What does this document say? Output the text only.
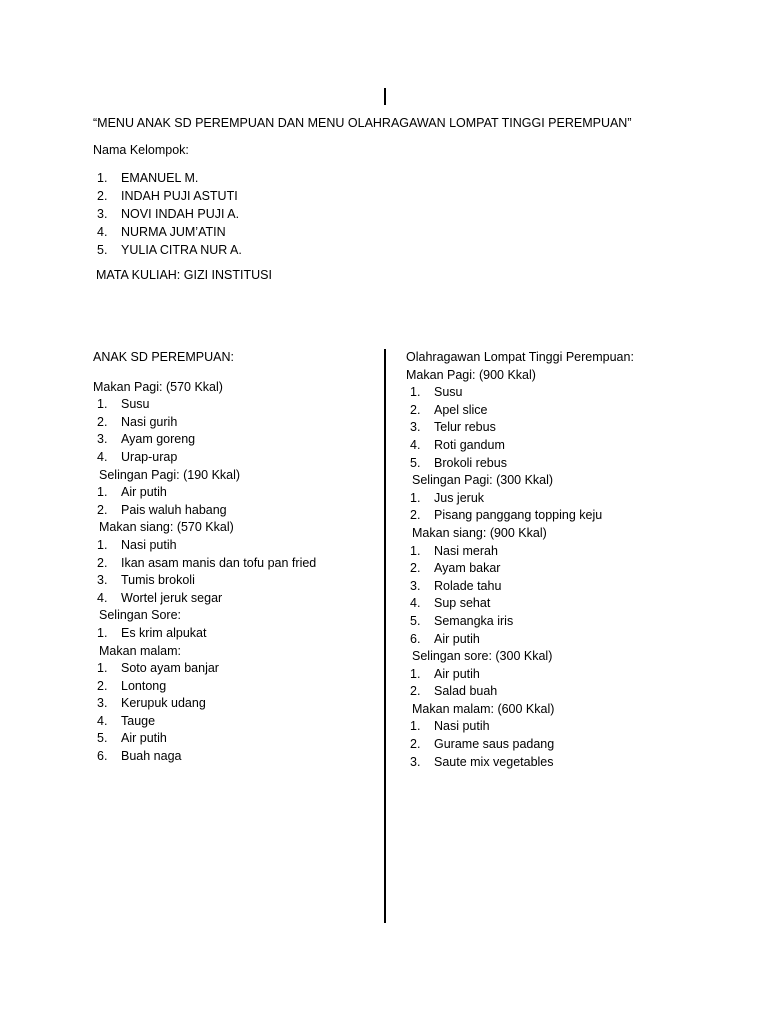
“MENU ANAK SD PEREMPUAN DAN MENU OLAHRAGAWAN LOMPAT TINGGI PEREMPUAN”
Nama Kelompok:
1. EMANUEL M.
2. INDAH PUJI ASTUTI
3. NOVI INDAH PUJI A.
4. NURMA JUM’ATIN
5. YULIA CITRA NUR A.
MATA KULIAH: GIZI INSTITUSI
ANAK SD PEREMPUAN:
Makan Pagi: (570 Kkal)
1. Susu
2. Nasi gurih
3. Ayam goreng
4. Urap-urap
Selingan Pagi: (190 Kkal)
1. Air putih
2. Pais waluh habang
Makan siang: (570 Kkal)
1. Nasi putih
2. Ikan asam manis dan tofu pan fried
3. Tumis brokoli
4. Wortel jeruk segar
Selingan Sore:
1. Es krim alpukat
Makan malam:
1. Soto ayam banjar
2. Lontong
3. Kerupuk udang
4. Tauge
5. Air putih
6. Buah naga
Olahragawan Lompat Tinggi Perempuan:
Makan Pagi: (900 Kkal)
1. Susu
2. Apel slice
3. Telur rebus
4. Roti gandum
5. Brokoli rebus
Selingan Pagi: (300 Kkal)
1. Jus jeruk
2. Pisang panggang topping keju
Makan siang: (900 Kkal)
1. Nasi merah
2. Ayam bakar
3. Rolade tahu
4. Sup sehat
5. Semangka iris
6. Air putih
Selingan sore: (300 Kkal)
1. Air putih
2. Salad buah
Makan malam: (600 Kkal)
1. Nasi putih
2. Gurame saus padang
3. Saute mix vegetables
